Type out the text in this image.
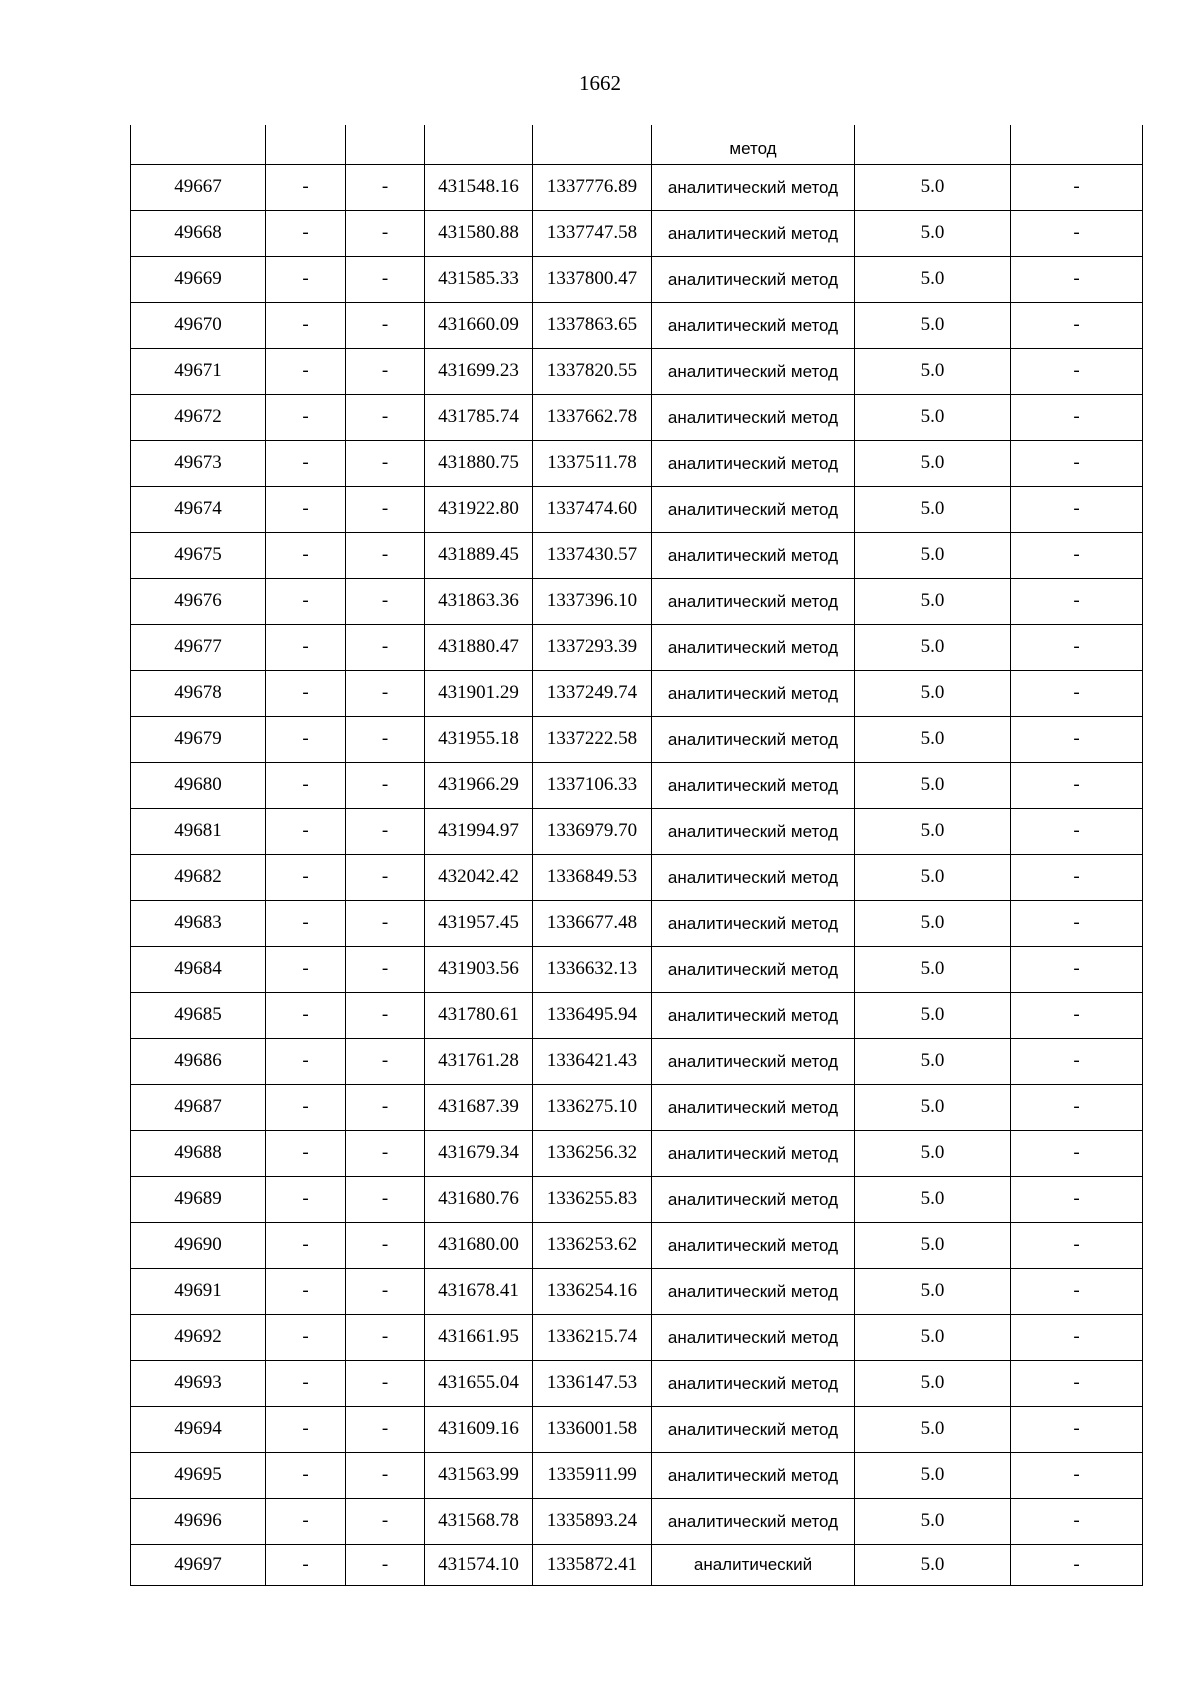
1662
					метод		
49667	-	-	431548.16	1337776.89	аналитический метод	5.0	-
49668	-	-	431580.88	1337747.58	аналитический метод	5.0	-
49669	-	-	431585.33	1337800.47	аналитический метод	5.0	-
49670	-	-	431660.09	1337863.65	аналитический метод	5.0	-
49671	-	-	431699.23	1337820.55	аналитический метод	5.0	-
49672	-	-	431785.74	1337662.78	аналитический метод	5.0	-
49673	-	-	431880.75	1337511.78	аналитический метод	5.0	-
49674	-	-	431922.80	1337474.60	аналитический метод	5.0	-
49675	-	-	431889.45	1337430.57	аналитический метод	5.0	-
49676	-	-	431863.36	1337396.10	аналитический метод	5.0	-
49677	-	-	431880.47	1337293.39	аналитический метод	5.0	-
49678	-	-	431901.29	1337249.74	аналитический метод	5.0	-
49679	-	-	431955.18	1337222.58	аналитический метод	5.0	-
49680	-	-	431966.29	1337106.33	аналитический метод	5.0	-
49681	-	-	431994.97	1336979.70	аналитический метод	5.0	-
49682	-	-	432042.42	1336849.53	аналитический метод	5.0	-
49683	-	-	431957.45	1336677.48	аналитический метод	5.0	-
49684	-	-	431903.56	1336632.13	аналитический метод	5.0	-
49685	-	-	431780.61	1336495.94	аналитический метод	5.0	-
49686	-	-	431761.28	1336421.43	аналитический метод	5.0	-
49687	-	-	431687.39	1336275.10	аналитический метод	5.0	-
49688	-	-	431679.34	1336256.32	аналитический метод	5.0	-
49689	-	-	431680.76	1336255.83	аналитический метод	5.0	-
49690	-	-	431680.00	1336253.62	аналитический метод	5.0	-
49691	-	-	431678.41	1336254.16	аналитический метод	5.0	-
49692	-	-	431661.95	1336215.74	аналитический метод	5.0	-
49693	-	-	431655.04	1336147.53	аналитический метод	5.0	-
49694	-	-	431609.16	1336001.58	аналитический метод	5.0	-
49695	-	-	431563.99	1335911.99	аналитический метод	5.0	-
49696	-	-	431568.78	1335893.24	аналитический метод	5.0	-
49697	-	-	431574.10	1335872.41	аналитический	5.0	-
